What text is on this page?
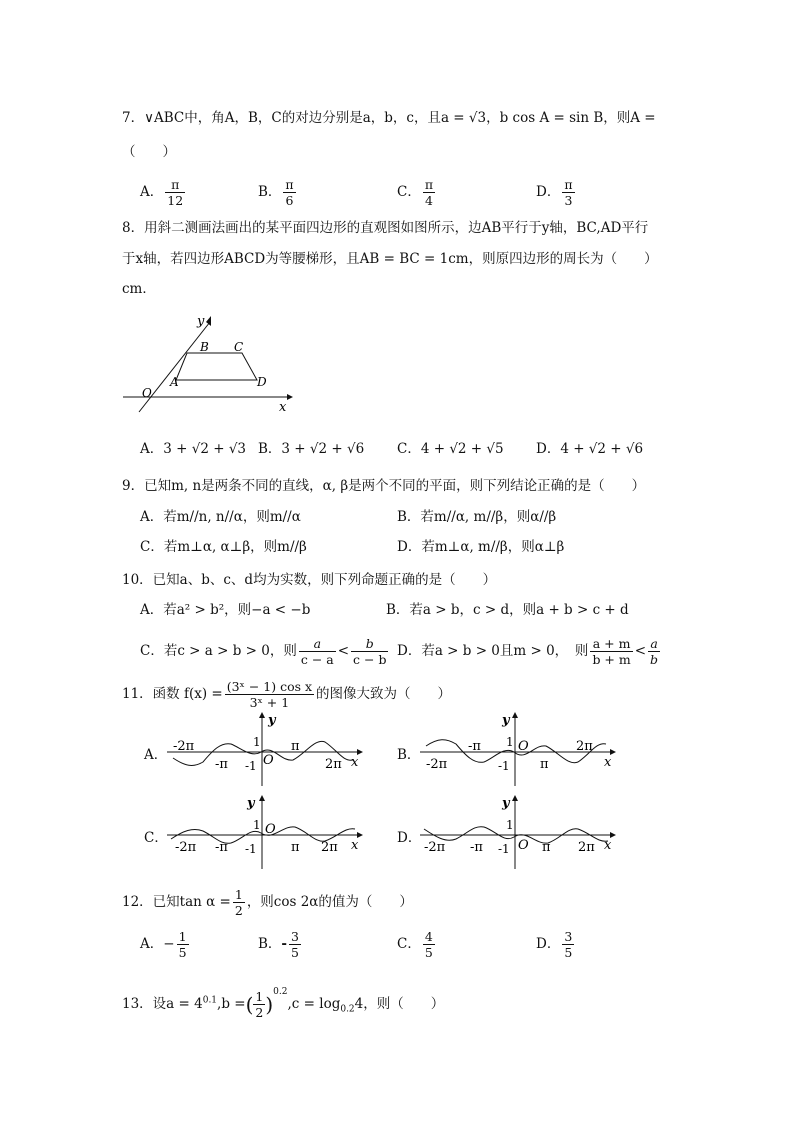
7．∨ABC中，角A，B，C的对边分别是a，b，c，且a = √3，b cos A = sin B，则A =
（　　）
A． $\frac{\pi}{12}$	B． $\frac{\pi}{6}$	C． $\frac{\pi}{4}$	D． $\frac{\pi}{3}$
8．用斜二测画法画出的某平面四边形的直观图如图所示，边AB平行于y轴，BC,AD平行
于x轴，若四边形ABCD为等腰梯形，且AB = BC = 1cm，则原四边形的周长为（　　）
cm．
y
x
O
A
B C
D
A．3 + √2 + √3 B．3 + √2 + √6 C．4 + √2 + √5 D．4 + √2 + √6
9．已知m, n是两条不同的直线，α, β是两个不同的平面，则下列结论正确的是（　　）
A．若m//n, n//α，则m//α	B．若m//α, m//β，则α//β
C．若m⊥α, α⊥β，则m//β	D．若m⊥α, m//β，则α⊥β
10．已知a、b、c、d均为实数，则下列命题正确的是（　　）
A．若a² > b²，则−a < −b	B．若a > b，c > d，则a + b > c + d
C．若c > a > b > 0，则 $\frac{a}{c - a} < \frac{b}{c - b}$ D．若a > b > 0且m > 0，　则 $\frac{a + m}{b + m} < \frac{a}{b}$
11．函数 $f(x) = \frac{\text{(3ˣ − 1) cos x}}{\text{3ˣ + 1}}$ 的图像大致为（　　）
A．
-2π
-π
π
2π
1
-1 O
y
x	B．
-2π
-π
π
2π
1
-1
O
y
x
C．
-2π -π	π 2π
1
-1
O
y
x	D．
-2π -π	π 2π
1
-1 O
y
x
12．已知$\tan \alpha = \frac{1}{2}$ ，则cos 2α的值为（　　）
A．− $\frac{1}{5}$	B．- $\frac{3}{5}$	C． $\frac{4}{5}$	D． $\frac{3}{5}$
13．设$a = 4^{0.1},b$ =( $\frac{1}{2} )^{0.2},c = \log_{0.2}4$，则（　　）
